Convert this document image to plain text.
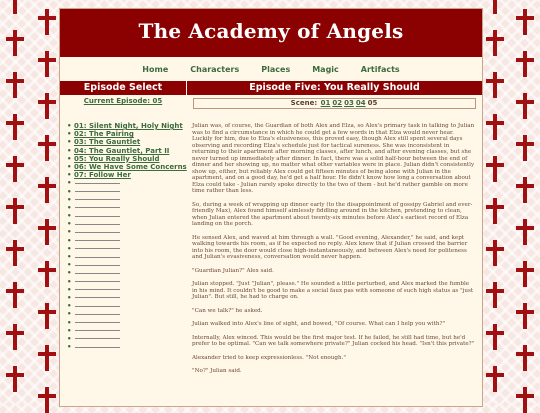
The Academy of Angels
Home	Characters	Places	Magic	Artifacts
Episode Select	Episode Five: You Really Should
Current Episode: 05
• 01: Silent Night, Holy Night
• 02: The Pairing
• 03: The Gauntlet
• 04: The Gauntlet, Part II
• 05: You Really Should
• 06: We Have Some Concerns
• 07: Follow Her
•
•
•
•
•
•
•
•
•
•
•
•
•
•
•
•
•
•
•
•
•
Scene: 01 02 03 04 05

Julian was, of course, the Guardian of both Alex and Elza, so Alex's primary task in talking to Julian was to find a circumstance in which he could get a few words in that Elza would never hear. Luckily for him, due to Elza's elusiveness, this proved easy, though Alex still spent several days observing and recording Elza's schedule just for tactical sureness. She was inconsistent in returning to their apartment after morning classes, after lunch, and after evening classes, but she never turned up immediately after dinner. In fact, there was a solid half-hour between the end of dinner and her showing up, no matter what other variables were in place. Julian didn't consistently show up, either, but reliably Alex could get fifteen minutes of being alone with Julian in the apartment, and on a good day, he'd get a half hour. He didn't know how long a conversation about Elza could take - Julian rarely spoke directly to the two of them - but he'd rather gamble on more time rather than less.

So, during a week of wrapping up dinner early (to the disappointment of gossipy Gabriel and ever-friendly Max), Alex found himself aimlessly fiddling around in the kitchen, pretending to clean, when Julian entered the apartment about twenty-six minutes before Alex's earliest record of Elza landing on the porch.

He sensed Alex, and waved at him through a wall. "Good evening, Alexander," he said, and kept walking towards his room, as if he expected no reply. Alex knew that if Julian crossed the barrier into his room, the door would close high-instantaneously, and between Alex's need for politeness and Julian's evasiveness, conversation would never happen.

"Guardian Julian?" Alex said.

Julian stopped. "Just "Julian", please." He sounded a little perturbed, and Alex marked the fumble in his mind. It couldn't be good to make a social faux pas with someone of such high status as "just Julian". But still, he had to charge on.

"Can we talk?" he asked.

Julian walked into Alex's line of sight, and bowed, "Of course. What can I help you with?"

Internally, Alex winced. This would be the first major test. If he failed, he still had time, but he'd prefer to be optimal. "Can we talk somewhere private?" Julian cocked his head. "Isn't this private?"

Alexander tried to keep expressionless. "Not enough."

"No?" Julian said.
